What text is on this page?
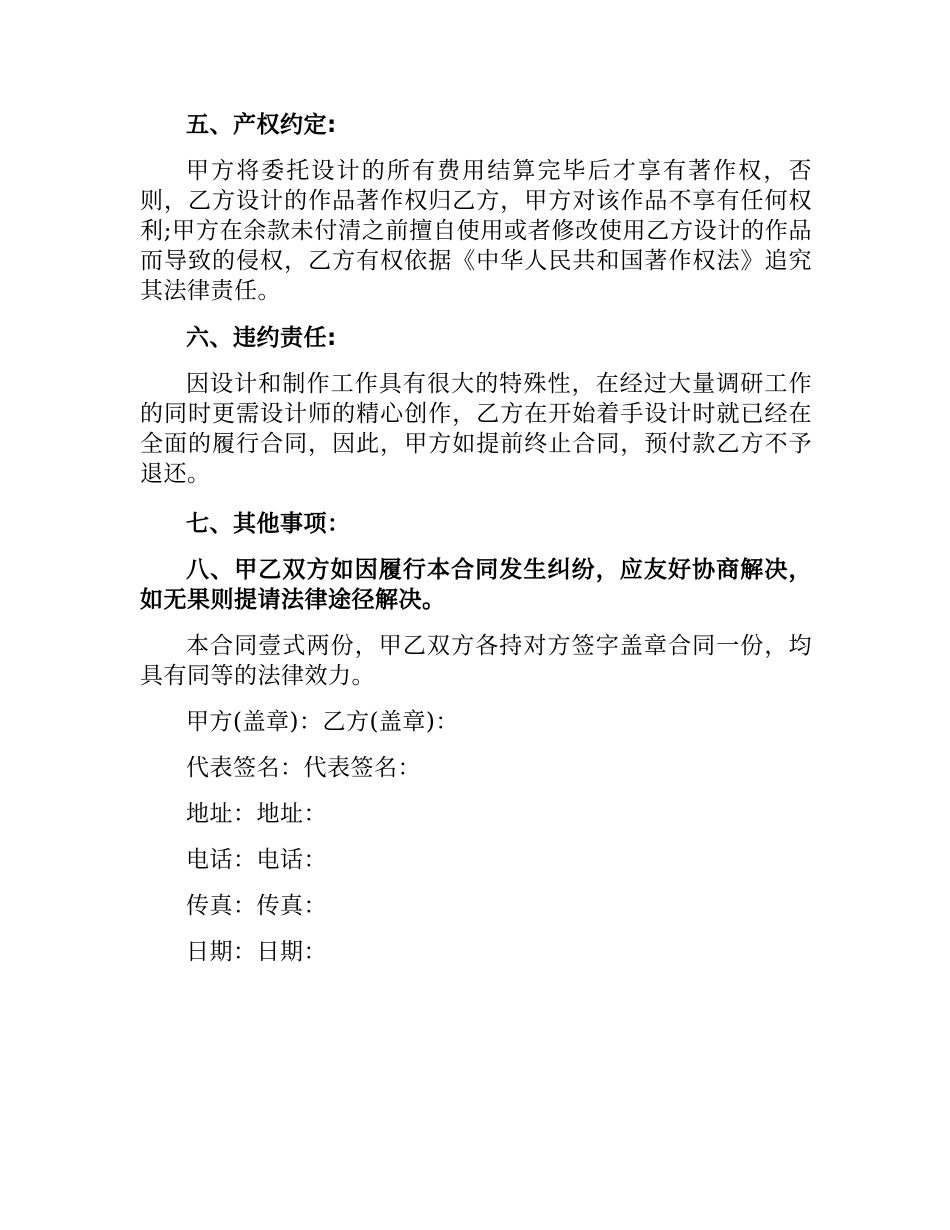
五、产权约定:

甲方将委托设计的所有费用结算完毕后才享有著作权，否则，乙方设计的作品著作权归乙方，甲方对该作品不享有任何权利;甲方在余款未付清之前擅自使用或者修改使用乙方设计的作品而导致的侵权，乙方有权依据《中华人民共和国著作权法》追究其法律责任。

六、违约责任:

因设计和制作工作具有很大的特殊性，在经过大量调研工作的同时更需设计师的精心创作，乙方在开始着手设计时就已经在全面的履行合同，因此，甲方如提前终止合同，预付款乙方不予退还。

七、其他事项：

八、甲乙双方如因履行本合同发生纠纷，应友好协商解决，如无果则提请法律途径解决。

本合同壹式两份，甲乙双方各持对方签字盖章合同一份，均具有同等的法律效力。

甲方(盖章)：乙方(盖章)：

代表签名：代表签名：

地址：地址：

电话：电话：

传真：传真：

日期：日期：
